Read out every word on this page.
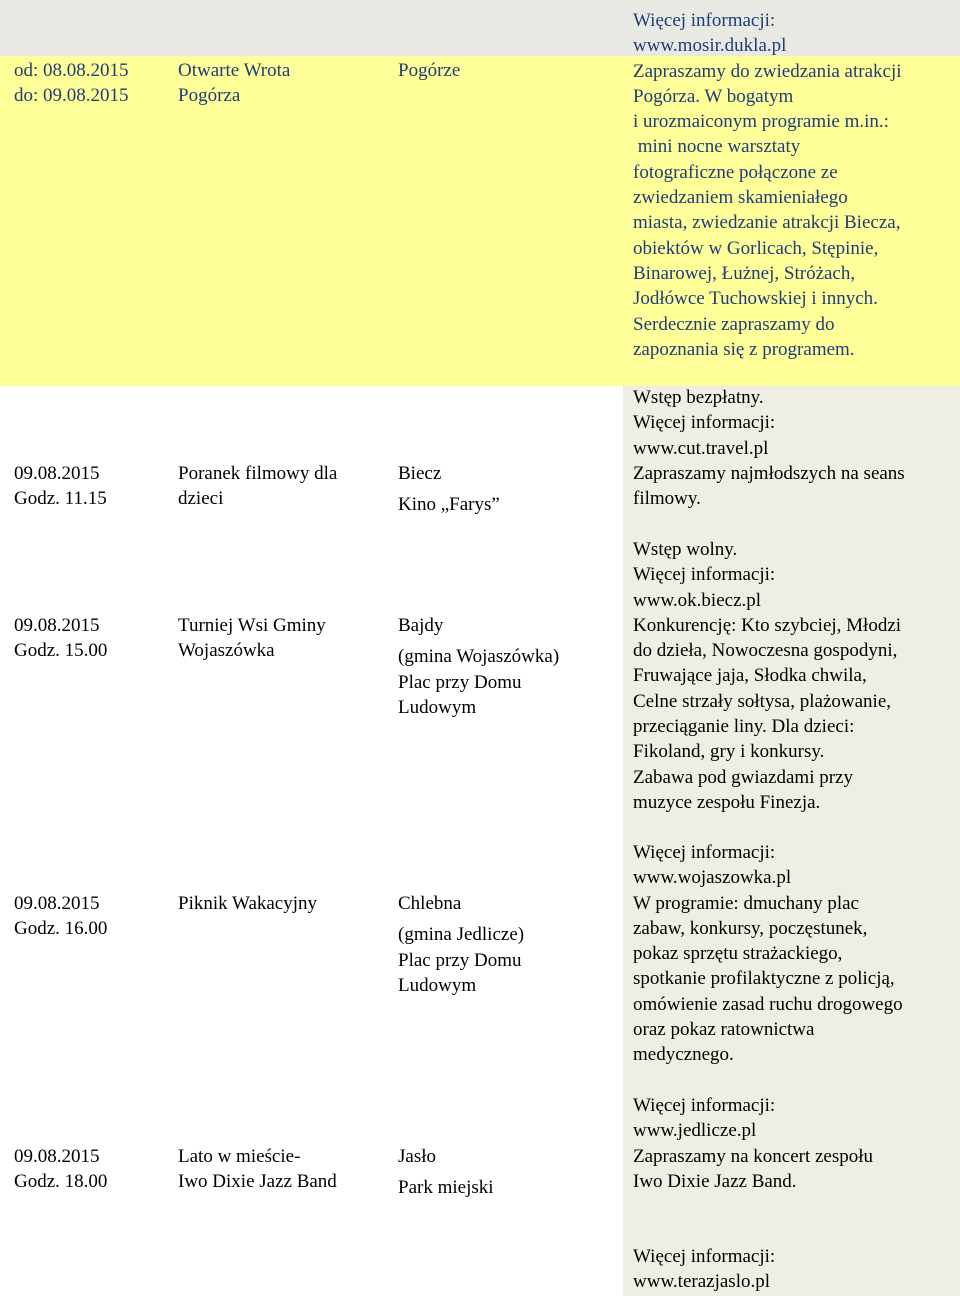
od: 08.08.2015
do: 09.08.2015
Otwarte Wrota
Pogórza
Pogórze
Więcej informacji:
www.mosir.dukla.pl
Zapraszamy do zwiedzania atrakcji
Pogórza. W bogatym
i urozmaiconym programie m.in.:
mini nocne warsztaty
fotograficzne połączone ze
zwiedzaniem skamieniałego
miasta, zwiedzanie atrakcji Biecza,
obiektów w Gorlicach, Stępinie,
Binarowej, Łużnej, Stróżach,
Jodłówce Tuchowskiej i innych.
Serdecznie zapraszamy do
zapoznania się z programem.
09.08.2015
Godz. 11.15
Poranek filmowy dla
dzieci
Biecz
Kino „Farys”
Wstęp bezpłatny.
Więcej informacji:
www.cut.travel.pl
Zapraszamy najmłodszych na seans
filmowy.
09.08.2015
Godz. 15.00
Turniej Wsi Gminy
Wojaszówka
Bajdy
(gmina Wojaszówka)
Plac przy Domu
Ludowym
Wstęp wolny.
Więcej informacji:
www.ok.biecz.pl
Konkurencję: Kto szybciej, Młodzi
do dzieła, Nowoczesna gospodyni,
Fruwające jaja, Słodka chwila,
Celne strzały sołtysa, plażowanie,
przeciąganie liny. Dla dzieci:
Fikoland, gry i konkursy.
Zabawa pod gwiazdami przy
muzyce zespołu Finezja.
09.08.2015
Godz. 16.00
Piknik Wakacyjny	Chlebna
(gmina Jedlicze)
Plac przy Domu
Ludowym
Więcej informacji:
www.wojaszowka.pl
W programie: dmuchany plac
zabaw, konkursy, poczęstunek,
pokaz sprzętu strażackiego,
spotkanie profilaktyczne z policją,
omówienie zasad ruchu drogowego
oraz pokaz ratownictwa
medycznego.
09.08.2015
Godz. 18.00
Lato w mieście-
Iwo Dixie Jazz Band
Jasło
Park miejski
Więcej informacji:
www.jedlicze.pl
Zapraszamy na koncert zespołu
Iwo Dixie Jazz Band.
Więcej informacji:
www.terazjaslo.pl
